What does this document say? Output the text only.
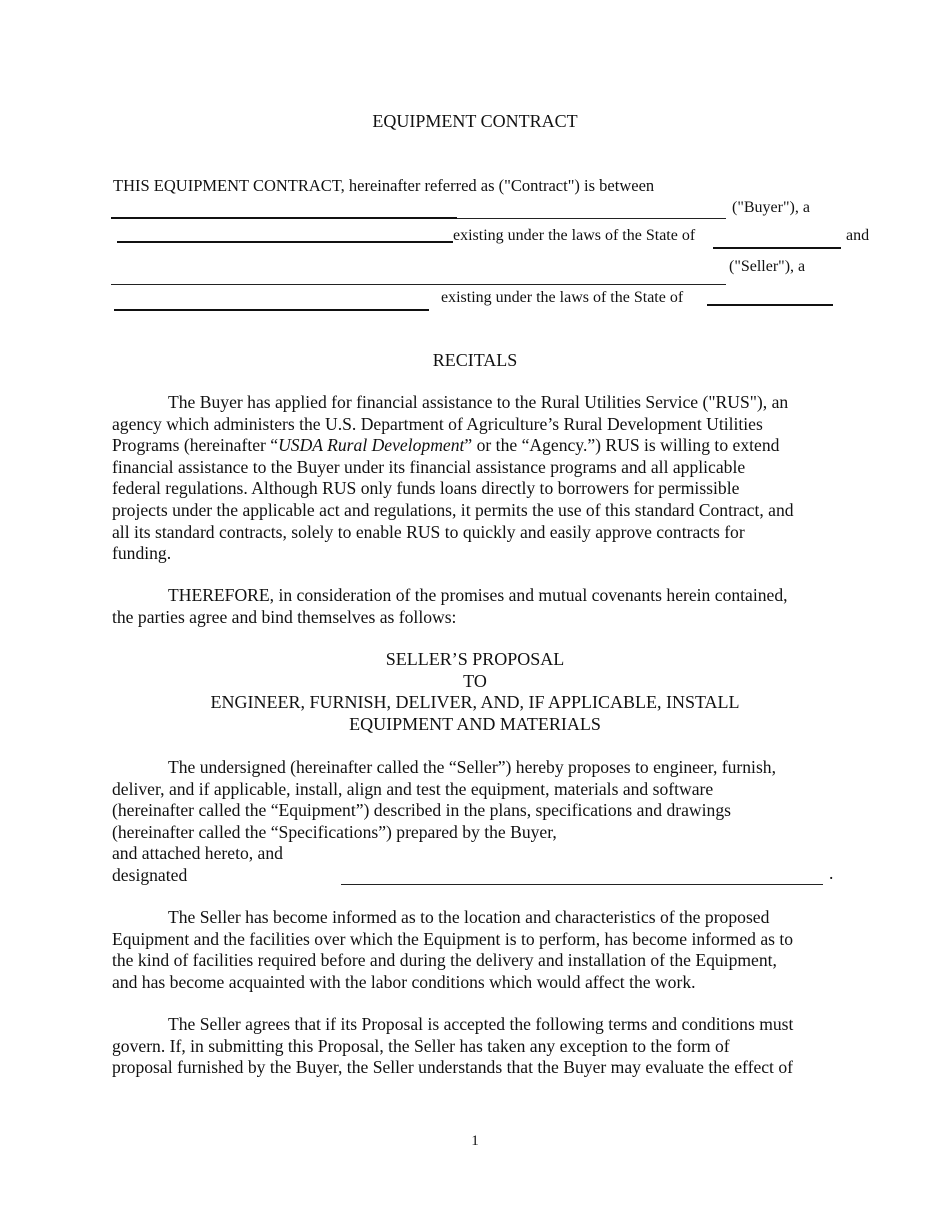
EQUIPMENT CONTRACT
THIS EQUIPMENT CONTRACT, hereinafter referred as ("Contract") is between
("Buyer"), a
existing under the laws of the State of	and
("Seller"), a
existing under the laws of the State of
RECITALS
The Buyer has applied for financial assistance to the Rural Utilities Service ("RUS"), an
agency which administers the U.S. Department of Agriculture’s Rural Development Utilities
Programs (hereinafter “USDA Rural Development” or the “Agency.”) RUS is willing to extend
financial assistance to the Buyer under its financial assistance programs and all applicable
federal regulations. Although RUS only funds loans directly to borrowers for permissible
projects under the applicable act and regulations, it permits the use of this standard Contract, and
all its standard contracts, solely to enable RUS to quickly and easily approve contracts for
funding.
THEREFORE, in consideration of the promises and mutual covenants herein contained,
the parties agree and bind themselves as follows:
SELLER’S PROPOSAL
TO
ENGINEER, FURNISH, DELIVER, AND, IF APPLICABLE, INSTALL
EQUIPMENT AND MATERIALS
The undersigned (hereinafter called the “Seller”) hereby proposes to engineer, furnish,
deliver, and if applicable, install, align and test the equipment, materials and software
(hereinafter called the “Equipment”) described in the plans, specifications and drawings
(hereinafter called the “Specifications”) prepared by the Buyer,
and attached hereto, and
designated	.
The Seller has become informed as to the location and characteristics of the proposed
Equipment and the facilities over which the Equipment is to perform, has become informed as to
the kind of facilities required before and during the delivery and installation of the Equipment,
and has become acquainted with the labor conditions which would affect the work.
The Seller agrees that if its Proposal is accepted the following terms and conditions must
govern. If, in submitting this Proposal, the Seller has taken any exception to the form of
proposal furnished by the Buyer, the Seller understands that the Buyer may evaluate the effect of
1
